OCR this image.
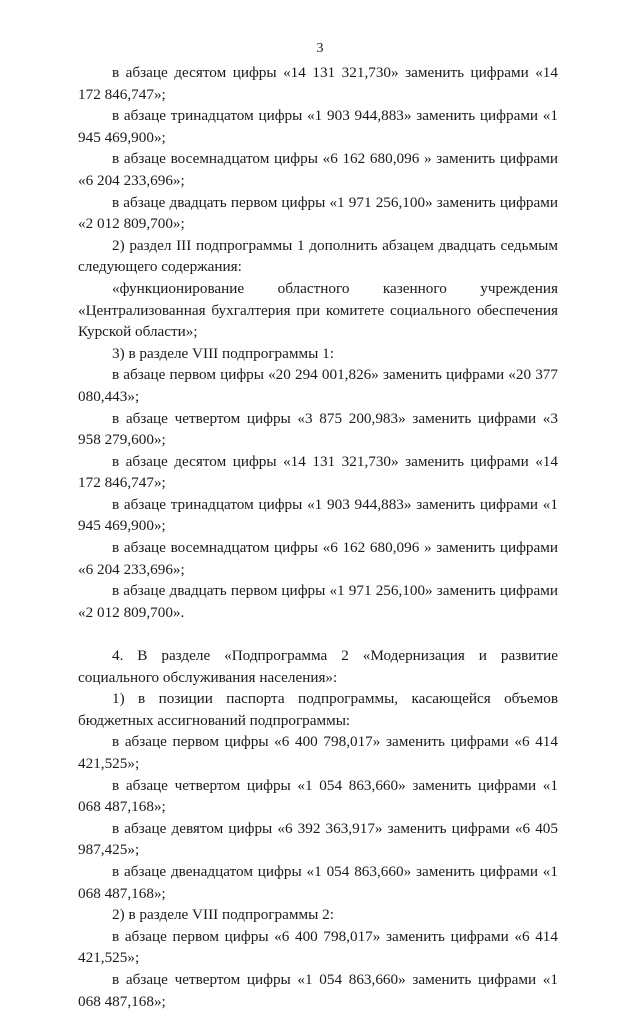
3

в абзаце десятом цифры «14 131 321,730» заменить цифрами «14 172 846,747»;

в абзаце тринадцатом цифры «1 903 944,883» заменить цифрами «1 945 469,900»;

в абзаце восемнадцатом цифры «6 162 680,096 » заменить цифрами «6 204 233,696»;

в абзаце двадцать первом цифры «1 971 256,100» заменить цифрами «2 012 809,700»;

2) раздел III подпрограммы 1 дополнить абзацем двадцать седьмым следующего содержания:

«функционирование областного казенного учреждения «Централизованная бухгалтерия при комитете социального обеспечения Курской области»;

3) в разделе VIII подпрограммы 1:

в абзаце первом цифры «20 294 001,826» заменить цифрами «20 377 080,443»;

в абзаце четвертом цифры «3 875 200,983» заменить цифрами «3 958 279,600»;

в абзаце десятом цифры «14 131 321,730» заменить цифрами «14 172 846,747»;

в абзаце тринадцатом цифры «1 903 944,883» заменить цифрами «1 945 469,900»;

в абзаце восемнадцатом цифры «6 162 680,096 » заменить цифрами «6 204 233,696»;

в абзаце двадцать первом цифры «1 971 256,100» заменить цифрами «2 012 809,700».

4. В разделе «Подпрограмма 2 «Модернизация и развитие социального обслуживания населения»:

1) в позиции паспорта подпрограммы, касающейся объемов бюджетных ассигнований подпрограммы:

в абзаце первом цифры «6 400 798,017» заменить цифрами «6 414 421,525»;

в абзаце четвертом цифры «1 054 863,660» заменить цифрами «1 068 487,168»;

в абзаце девятом цифры «6 392 363,917» заменить цифрами «6 405 987,425»;

в абзаце двенадцатом цифры «1 054 863,660» заменить цифрами «1 068 487,168»;

2) в разделе VIII подпрограммы 2:

в абзаце первом цифры «6 400 798,017» заменить цифрами «6 414 421,525»;

в абзаце четвертом цифры «1 054 863,660» заменить цифрами «1 068 487,168»;
